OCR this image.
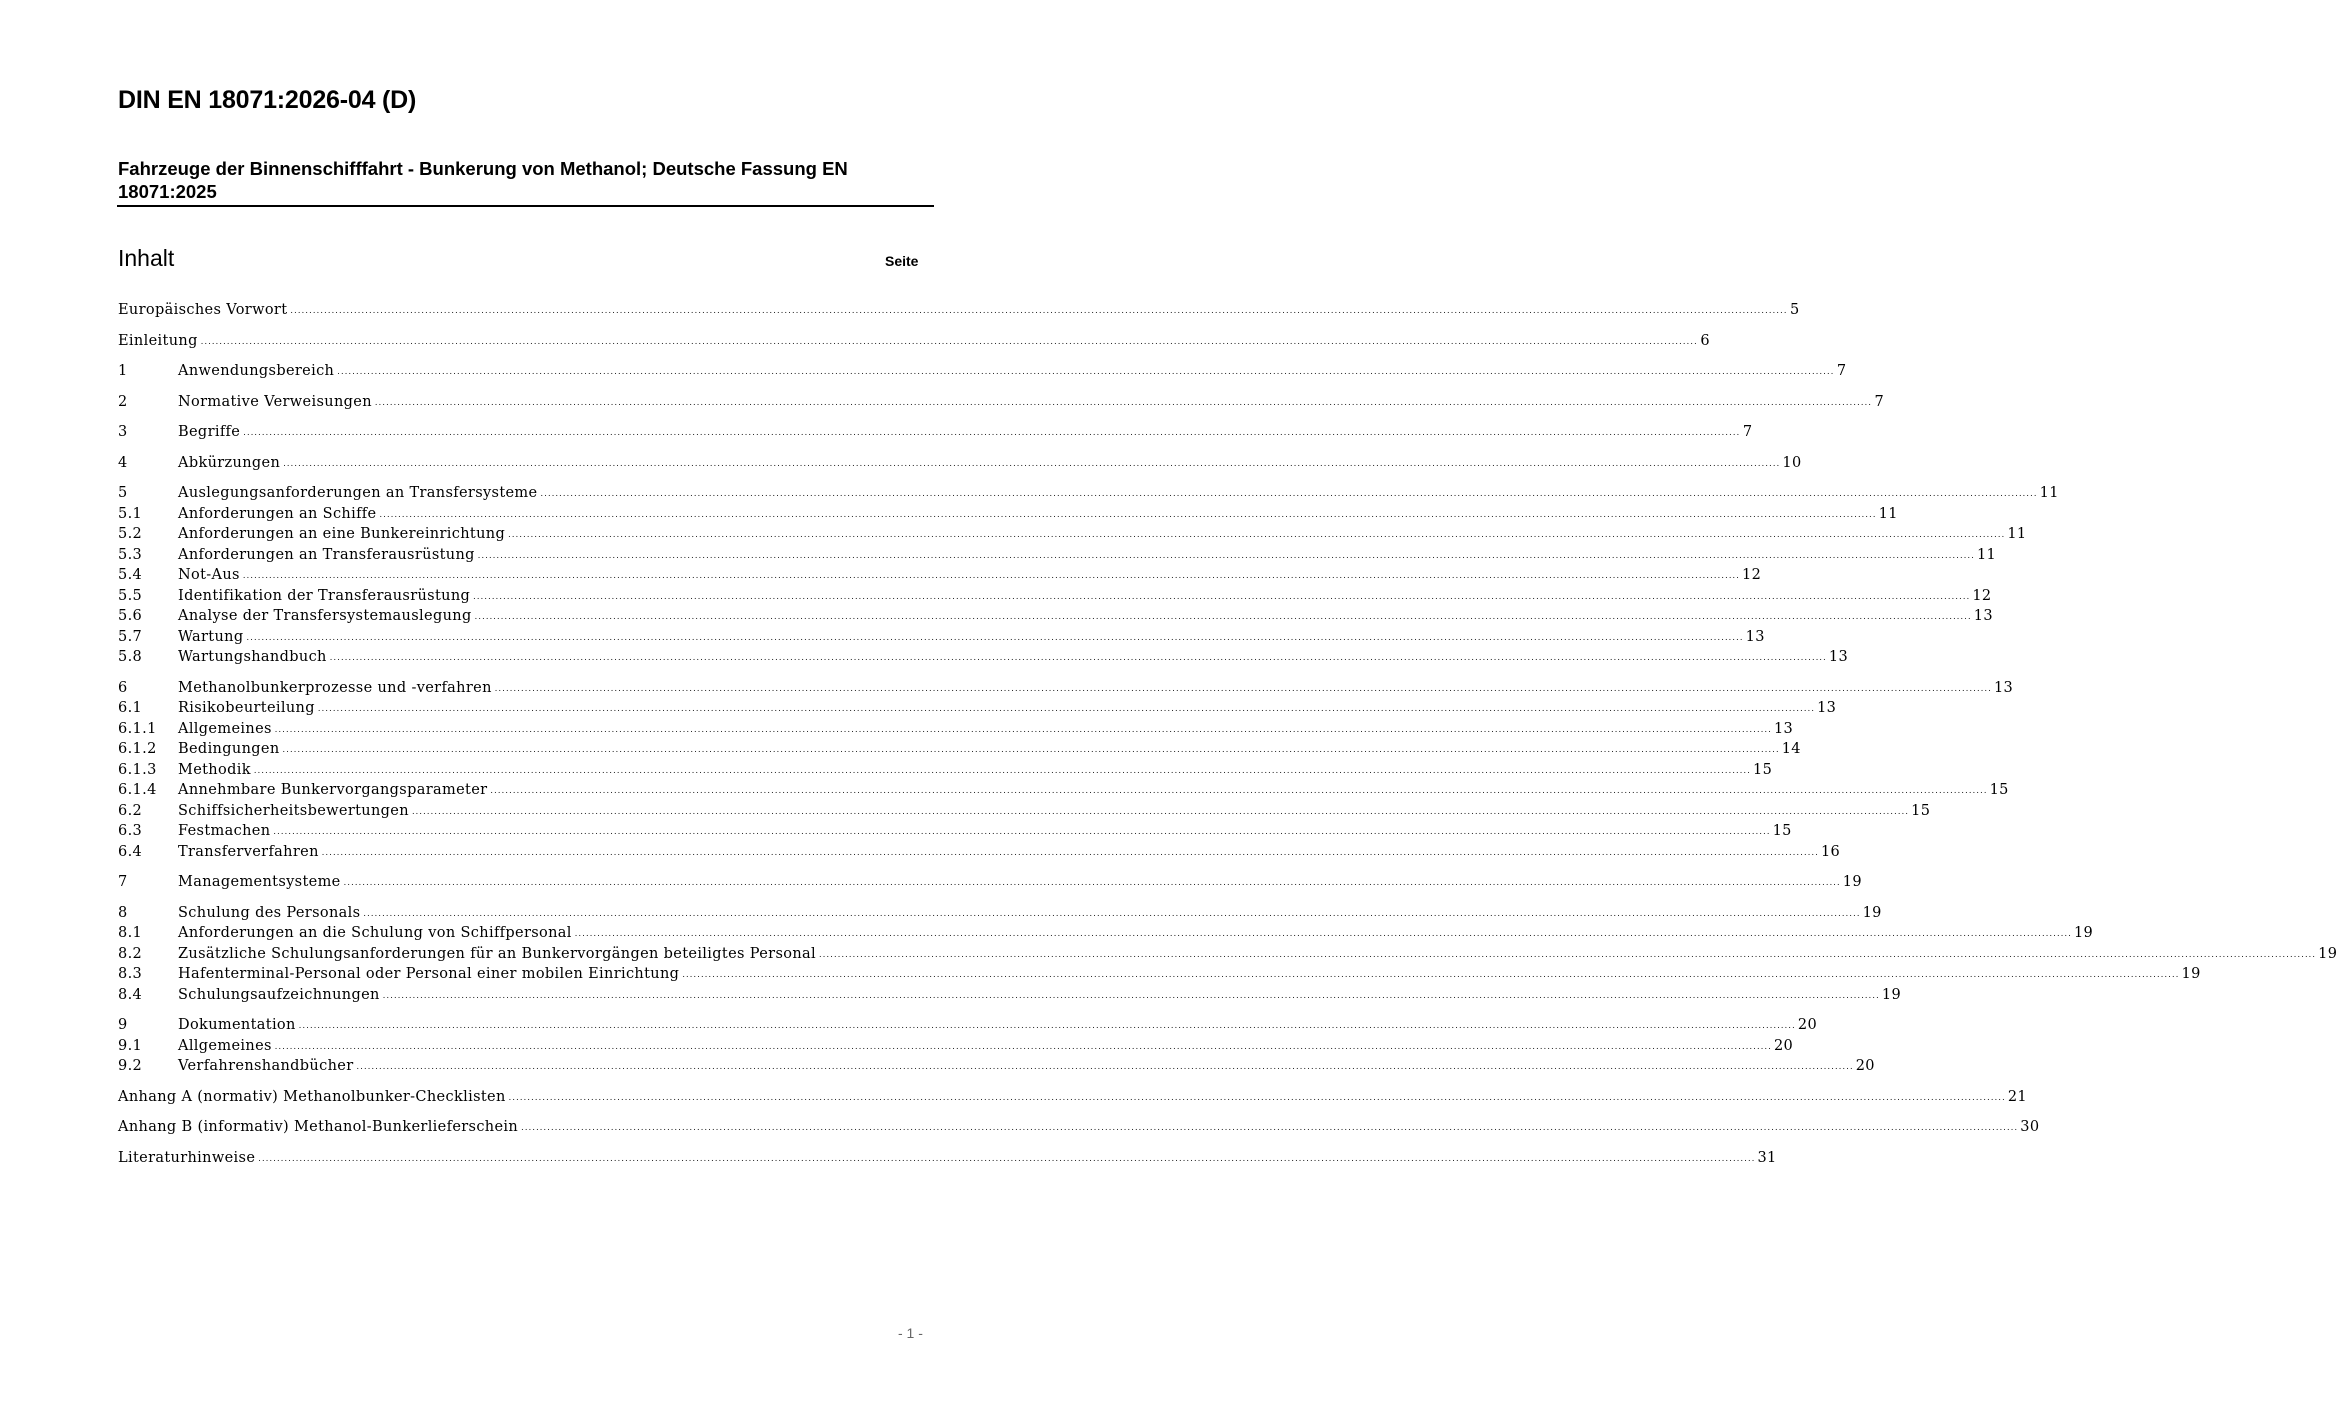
DIN EN 18071:2026-04 (D)
Fahrzeuge der Binnenschifffahrt - Bunkerung von Methanol; Deutsche Fassung EN 18071:2025
Inhalt	Seite
Europäisches Vorwort ................................................................................................................................................................................................................................................................................................................................................................................................................ 5
Einleitung ................................................................................................................................................................................................................................................................................................................................................................................................................ 6
1	Anwendungsbereich ................................................................................................................................................................................................................................................................................................................................................................................................................ 7
2	Normative Verweisungen ................................................................................................................................................................................................................................................................................................................................................................................................................ 7
3	Begriffe ................................................................................................................................................................................................................................................................................................................................................................................................................ 7
4	Abkürzungen ................................................................................................................................................................................................................................................................................................................................................................................................................ 10
5	Auslegungsanforderungen an Transfersysteme ................................................................................................................................................................................................................................................................................................................................................................................................................ 11
5.1	Anforderungen an Schiffe ................................................................................................................................................................................................................................................................................................................................................................................................................ 11
5.2	Anforderungen an eine Bunkereinrichtung ................................................................................................................................................................................................................................................................................................................................................................................................................ 11
5.3	Anforderungen an Transferausrüstung ................................................................................................................................................................................................................................................................................................................................................................................................................ 11
5.4	Not-Aus ................................................................................................................................................................................................................................................................................................................................................................................................................ 12
5.5	Identifikation der Transferausrüstung ................................................................................................................................................................................................................................................................................................................................................................................................................ 12
5.6	Analyse der Transfersystemauslegung ................................................................................................................................................................................................................................................................................................................................................................................................................ 13
5.7	Wartung ................................................................................................................................................................................................................................................................................................................................................................................................................ 13
5.8	Wartungshandbuch ................................................................................................................................................................................................................................................................................................................................................................................................................ 13
6	Methanolbunkerprozesse und -verfahren ................................................................................................................................................................................................................................................................................................................................................................................................................ 13
6.1	Risikobeurteilung ................................................................................................................................................................................................................................................................................................................................................................................................................ 13
6.1.1	Allgemeines ................................................................................................................................................................................................................................................................................................................................................................................................................ 13
6.1.2	Bedingungen ................................................................................................................................................................................................................................................................................................................................................................................................................ 14
6.1.3	Methodik ................................................................................................................................................................................................................................................................................................................................................................................................................ 15
6.1.4	Annehmbare Bunkervorgangsparameter ................................................................................................................................................................................................................................................................................................................................................................................................................ 15
6.2	Schiffsicherheitsbewertungen ................................................................................................................................................................................................................................................................................................................................................................................................................ 15
6.3	Festmachen ................................................................................................................................................................................................................................................................................................................................................................................................................ 15
6.4	Transferverfahren ................................................................................................................................................................................................................................................................................................................................................................................................................ 16
7	Managementsysteme ................................................................................................................................................................................................................................................................................................................................................................................................................ 19
8	Schulung des Personals ................................................................................................................................................................................................................................................................................................................................................................................................................ 19
8.1	Anforderungen an die Schulung von Schiffpersonal ................................................................................................................................................................................................................................................................................................................................................................................................................ 19
8.2	Zusätzliche Schulungsanforderungen für an Bunkervorgängen beteiligtes Personal ................................................................................................................................................................................................................................................................................................................................................................................................................ 19
8.3	Hafenterminal-Personal oder Personal einer mobilen Einrichtung ................................................................................................................................................................................................................................................................................................................................................................................................................ 19
8.4	Schulungsaufzeichnungen ................................................................................................................................................................................................................................................................................................................................................................................................................ 19
9	Dokumentation ................................................................................................................................................................................................................................................................................................................................................................................................................ 20
9.1	Allgemeines ................................................................................................................................................................................................................................................................................................................................................................................................................ 20
9.2	Verfahrenshandbücher ................................................................................................................................................................................................................................................................................................................................................................................................................ 20
Anhang A (normativ) Methanolbunker-Checklisten ................................................................................................................................................................................................................................................................................................................................................................................................................ 21
Anhang B (informativ) Methanol-Bunkerlieferschein ................................................................................................................................................................................................................................................................................................................................................................................................................ 30
Literaturhinweise ................................................................................................................................................................................................................................................................................................................................................................................................................ 31
- 1 -
